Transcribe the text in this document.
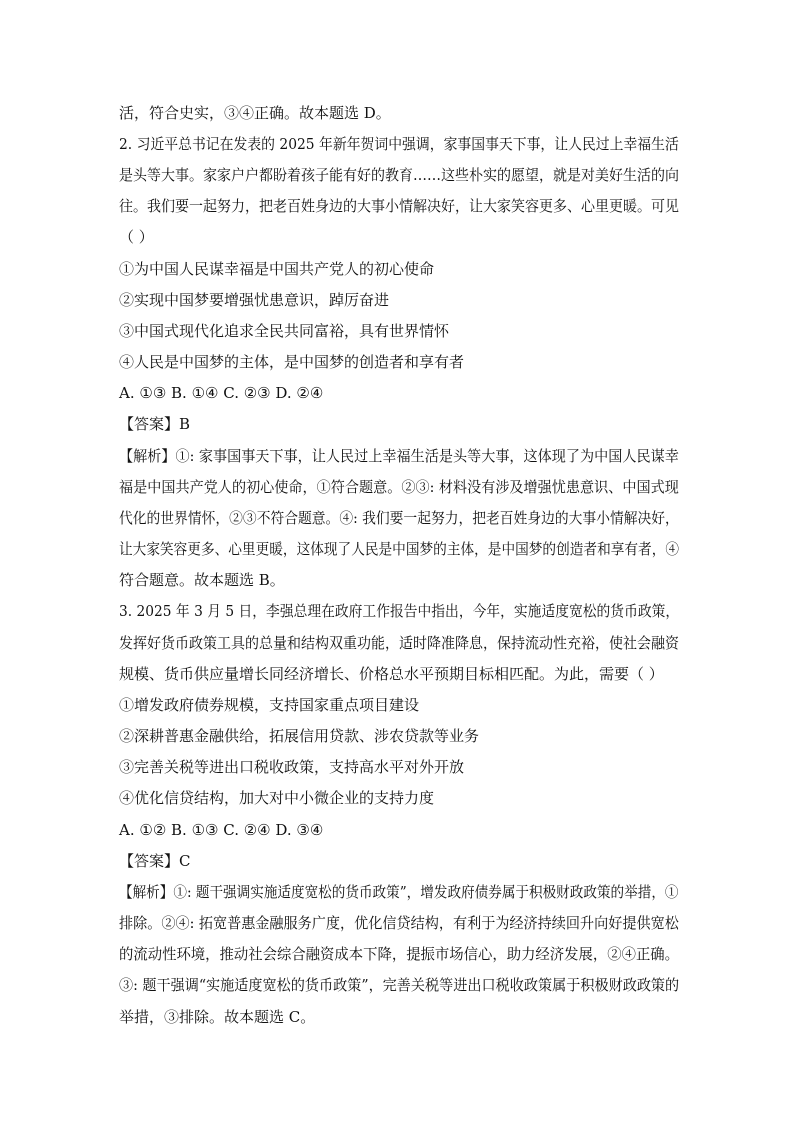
活，符合史实，③④正确。故本题选 D。
2. 习近平总书记在发表的 2025 年新年贺词中强调，家事国事天下事，让人民过上幸福生活
是头等大事。家家户户都盼着孩子能有好的教育……这些朴实的愿望，就是对美好生活的向
往。我们要一起努力，把老百姓身边的大事小情解决好，让大家笑容更多、心里更暖。可见
（ ）
①为中国人民谋幸福是中国共产党人的初心使命
②实现中国梦要增强忧患意识，踔厉奋进
③中国式现代化追求全民共同富裕，具有世界情怀
④人民是中国梦的主体，是中国梦的创造者和享有者
A. ①③ B. ①④ C. ②③ D. ②④
【答案】B
【解析】①: 家事国事天下事，让人民过上幸福生活是头等大事，这体现了为中国人民谋幸
福是中国共产党人的初心使命，①符合题意。②③: 材料没有涉及增强忧患意识、中国式现
代化的世界情怀，②③不符合题意。④: 我们要一起努力，把老百姓身边的大事小情解决好，
让大家笑容更多、心里更暖，这体现了人民是中国梦的主体，是中国梦的创造者和享有者，④
符合题意。故本题选 B。
3. 2025 年 3 月 5 日，李强总理在政府工作报告中指出，今年，实施适度宽松的货币政策，
发挥好货币政策工具的总量和结构双重功能，适时降准降息，保持流动性充裕，使社会融资
规模、货币供应量增长同经济增长、价格总水平预期目标相匹配。为此，需要（ ）
①增发政府债券规模，支持国家重点项目建设
②深耕普惠金融供给，拓展信用贷款、涉农贷款等业务
③完善关税等进出口税收政策，支持高水平对外开放
④优化信贷结构，加大对中小微企业的支持力度
A. ①② B. ①③ C. ②④ D. ③④
【答案】C
【解析】①: 题干强调实施适度宽松的货币政策”，增发政府债券属于积极财政政策的举措，①
排除。②④: 拓宽普惠金融服务广度，优化信贷结构，有利于为经济持续回升向好提供宽松
的流动性环境，推动社会综合融资成本下降，提振市场信心，助力经济发展，②④正确。
③: 题干强调“实施适度宽松的货币政策”，完善关税等进出口税收政策属于积极财政政策的
举措，③排除。故本题选 C。
